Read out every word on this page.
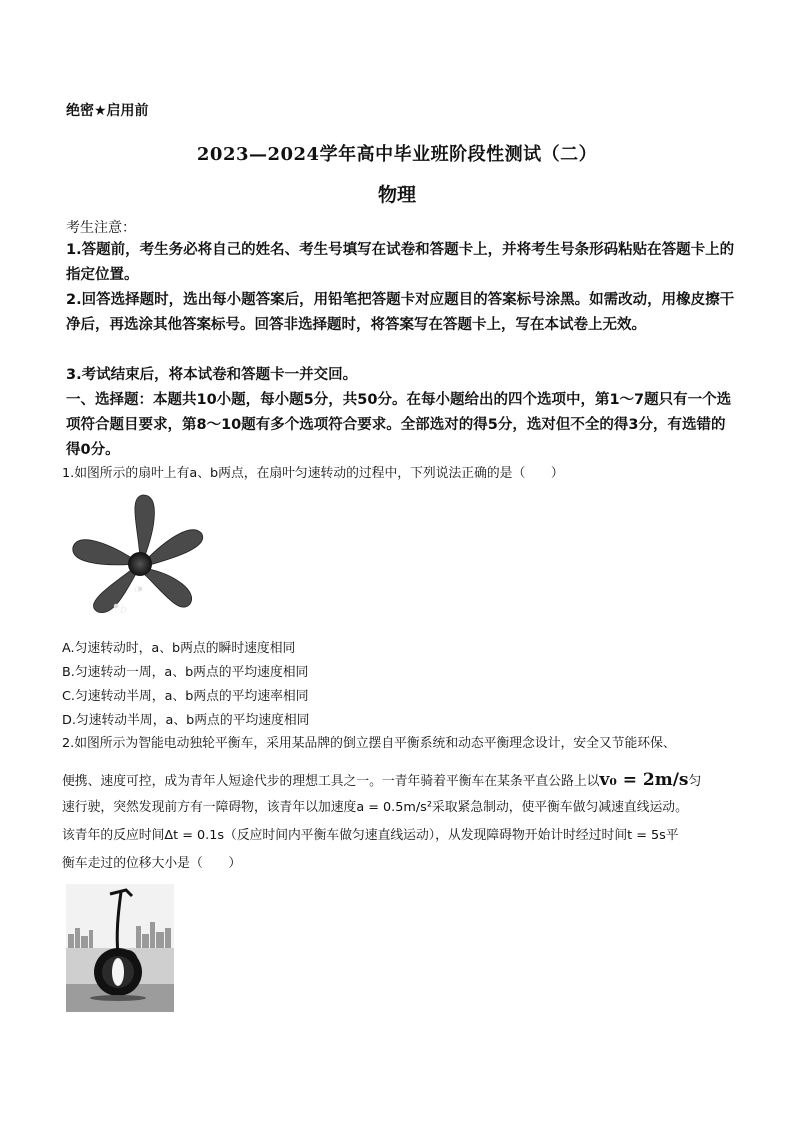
绝密★启用前
2023—2024学年高中毕业班阶段性测试（二）
物理
考生注意：
1.答题前，考生务必将自己的姓名、考生号填写在试卷和答题卡上，并将考生号条形码粘贴在答题卡上的指定位置。
2.回答选择题时，选出每小题答案后，用铅笔把答题卡对应题目的答案标号涂黑。如需改动，用橡皮擦干净后，再选涂其他答案标号。回答非选择题时，将答案写在答题卡上，写在本试卷上无效。
3.考试结束后，将本试卷和答题卡一并交回。
一、选择题：本题共10小题，每小题5分，共50分。在每小题给出的四个选项中，第1～7题只有一个选项符合题目要求，第8～10题有多个选项符合要求。全部选对的得5分，选对但不全的得3分，有选错的得0分。
1.如图所示的扇叶上有a、b两点，在扇叶匀速转动的过程中，下列说法正确的是（　　）
a
b
A.匀速转动时，a、b两点的瞬时速度相同
B.匀速转动一周，a、b两点的平均速度相同
C.匀速转动半周，a、b两点的平均速率相同
D.匀速转动半周，a、b两点的平均速度相同
2.如图所示为智能电动独轮平衡车，采用某品牌的倒立摆自平衡系统和动态平衡理念设计，安全又节能环保、
便携、速度可控，成为青年人短途代步的理想工具之一。一青年骑着平衡车在某条平直公路上以v₀ = 2m/s匀
速行驶，突然发现前方有一障碍物，该青年以加速度a = 0.5m/s²采取紧急制动，使平衡车做匀减速直线运动。
该青年的反应时间Δt = 0.1s（反应时间内平衡车做匀速直线运动），从发现障碍物开始计时经过时间t = 5s平
衡车走过的位移大小是（　　）
